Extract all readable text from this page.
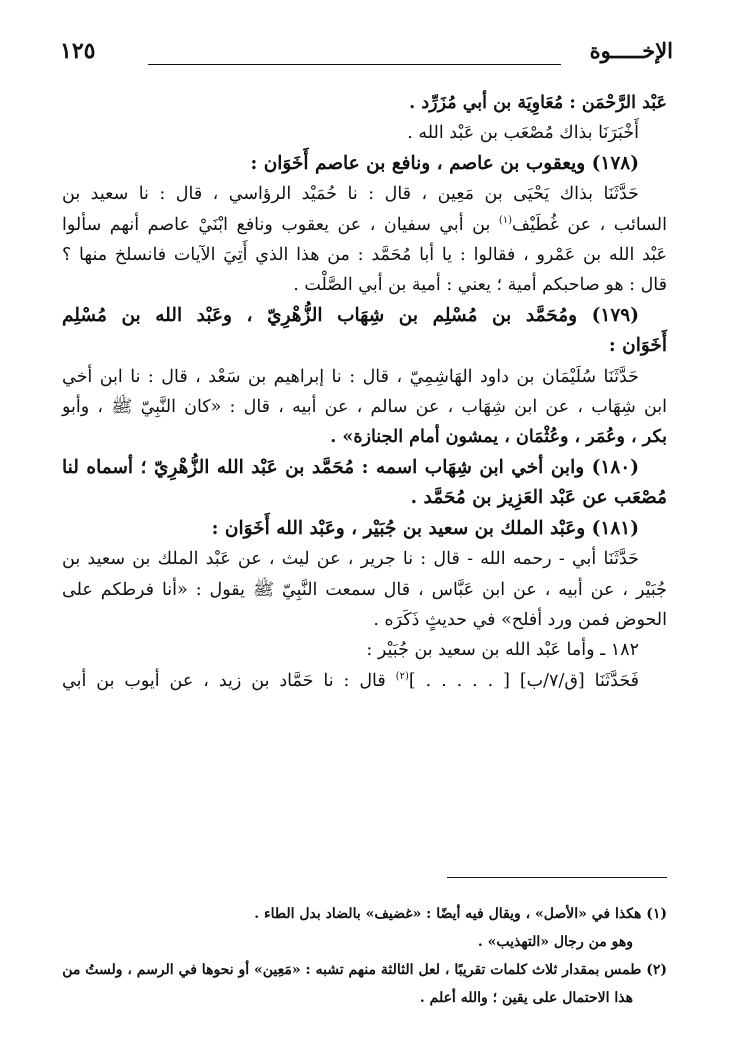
الإخـــــوة
١٢٥
عَبْد الرَّحْمَن : مُعَاوِيَة بن أبي مُزَرِّد .
أَخْبَرَنَا بذاك مُصْعَب بن عَبْد الله .
(١٧٨) ويعقوب بن عاصم ، ونافع بن عاصم أَخَوَان :
حَدَّثَنَا بذاك يَحْيَى بن مَعِين ، قال : نا حُمَيْد الرؤاسي ، قال : نا سعيد بن
السائب ، عن غُطَيْف$^{(١)}$ بن أبي سفيان ، عن يعقوب ونافع ابْنَيْ عاصم أنهم سألوا
عَبْد الله بن عَمْرو ، فقالوا : يا أبا مُحَمَّد : من هذا الذي أَتِيَ الآيات فانسلخ منها ؟
قال : هو صاحبكم أمية ؛ يعني : أمية بن أبي الصَّلْت .
(١٧٩) ومُحَمَّد بن مُسْلِم بن شِهَاب الزُّهْرِيّ ، وعَبْد الله بن مُسْلِم
أَخَوَان :
حَدَّثَنَا سُلَيْمَان بن داود الهَاشِمِيّ ، قال : نا إبراهيم بن سَعْد ، قال : نا ابن أخي
ابن شِهَاب ، عن ابن شِهَاب ، عن سالم ، عن أبيه ، قال : «كان النَّبِيّ ﷺ ، وأبو
بكر ، وعُمَر ، وعُثْمَان ، يمشون أمام الجنازة» .
(١٨٠) وابن أخي ابن شِهَاب اسمه : مُحَمَّد بن عَبْد الله الزُّهْرِيّ ؛ أسماه لنا
مُصْعَب عن عَبْد العَزِيز بن مُحَمَّد .
(١٨١) وعَبْد الملك بن سعيد بن جُبَيْر ، وعَبْد الله أَخَوَان :
حَدَّثَنَا أبي - رحمه الله - قال : نا جرير ، عن ليث ، عن عَبْد الملك بن سعيد بن
جُبَيْر ، عن أبيه ، عن ابن عَبَّاس ، قال سمعت النَّبِيّ ﷺ يقول : «أنا فرطكم على
الحوض فمن ورد أفلح» في حديثٍ ذَكَرَه .
١٨٢ ـ وأما عَبْد الله بن سعيد بن جُبَيْر :
فَحَدَّثَنَا [ق/٧/ب] [ . . . . . ]$^{(٢)}$ قال : نا حَمَّاد بن زيد ، عن أيوب بن أبي
(١) هكذا في «الأصل» ، ويقال فيه أيضًا : «غضيف» بالضاد بدل الطاء .
وهو من رجال «التهذيب» .
(٢) طمس بمقدار ثلاث كلمات تقريبًا ، لعل الثالثة منهم تشبه : «مَعِين» أو نحوها في الرسم ، ولستُ من
هذا الاحتمال على يقين ؛ والله أعلم .
